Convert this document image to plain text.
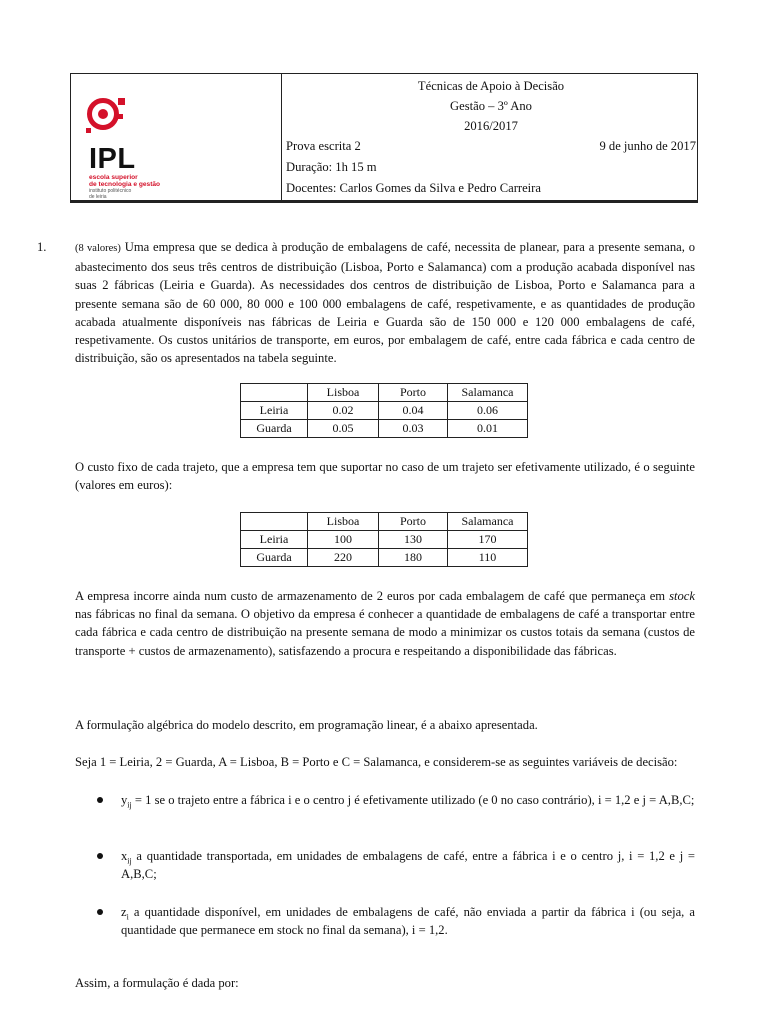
IPL
escola superior
de tecnologia e gestão
instituto politécnico
de leiria
Técnicas de Apoio à Decisão
Gestão – 3º Ano
2016/2017
Prova escrita 2	9 de junho de 2017
Duração: 1h 15 m
Docentes: Carlos Gomes da Silva e Pedro Carreira
1.	(8 valores) Uma empresa que se dedica à produção de embalagens de café, necessita de planear, para a presente semana, o abastecimento dos seus três centros de distribuição (Lisboa, Porto e Salamanca) com a produção acabada disponível nas suas 2 fábricas (Leiria e Guarda). As necessidades dos centros de distribuição de Lisboa, Porto e Salamanca para a presente semana são de 60 000, 80 000 e 100 000 embalagens de café, respetivamente, e as quantidades de produção acabada atualmente disponíveis nas fábricas de Leiria e Guarda são de 150 000 e 120 000 embalagens de café, respetivamente. Os custos unitários de transporte, em euros, por embalagem de café, entre cada fábrica e cada centro de distribuição, são os apresentados na tabela seguinte.
	Lisboa	Porto	Salamanca
Leiria	0.02	0.04	0.06
Guarda	0.05	0.03	0.01
O custo fixo de cada trajeto, que a empresa tem que suportar no caso de um trajeto ser efetivamente utilizado, é o seguinte (valores em euros):
	Lisboa	Porto	Salamanca
Leiria	100	130	170
Guarda	220	180	110
A empresa incorre ainda num custo de armazenamento de 2 euros por cada embalagem de café que permaneça em stock nas fábricas no final da semana. O objetivo da empresa é conhecer a quantidade de embalagens de café a transportar entre cada fábrica e cada centro de distribuição na presente semana de modo a minimizar os custos totais da semana (custos de transporte + custos de armazenamento), satisfazendo a procura e respeitando a disponibilidade das fábricas.
A formulação algébrica do modelo descrito, em programação linear, é a abaixo apresentada.
Seja 1 = Leiria, 2 = Guarda, A = Lisboa, B = Porto e C = Salamanca, e considerem-se as seguintes variáveis de decisão:
$y_{ij} = 1$ se o trajeto entre a fábrica i e o centro j é efetivamente utilizado (e 0 no caso contrário), i = 1,2 e j = A,B,C;
$x_{ij}$ a quantidade transportada, em unidades de embalagens de café, entre a fábrica i e o centro j, i = 1,2 e j = A,B,C;
$z_i$ a quantidade disponível, em unidades de embalagens de café, não enviada a partir da fábrica i (ou seja, a quantidade que permanece em stock no final da semana), i = 1,2.
Assim, a formulação é dada por:
